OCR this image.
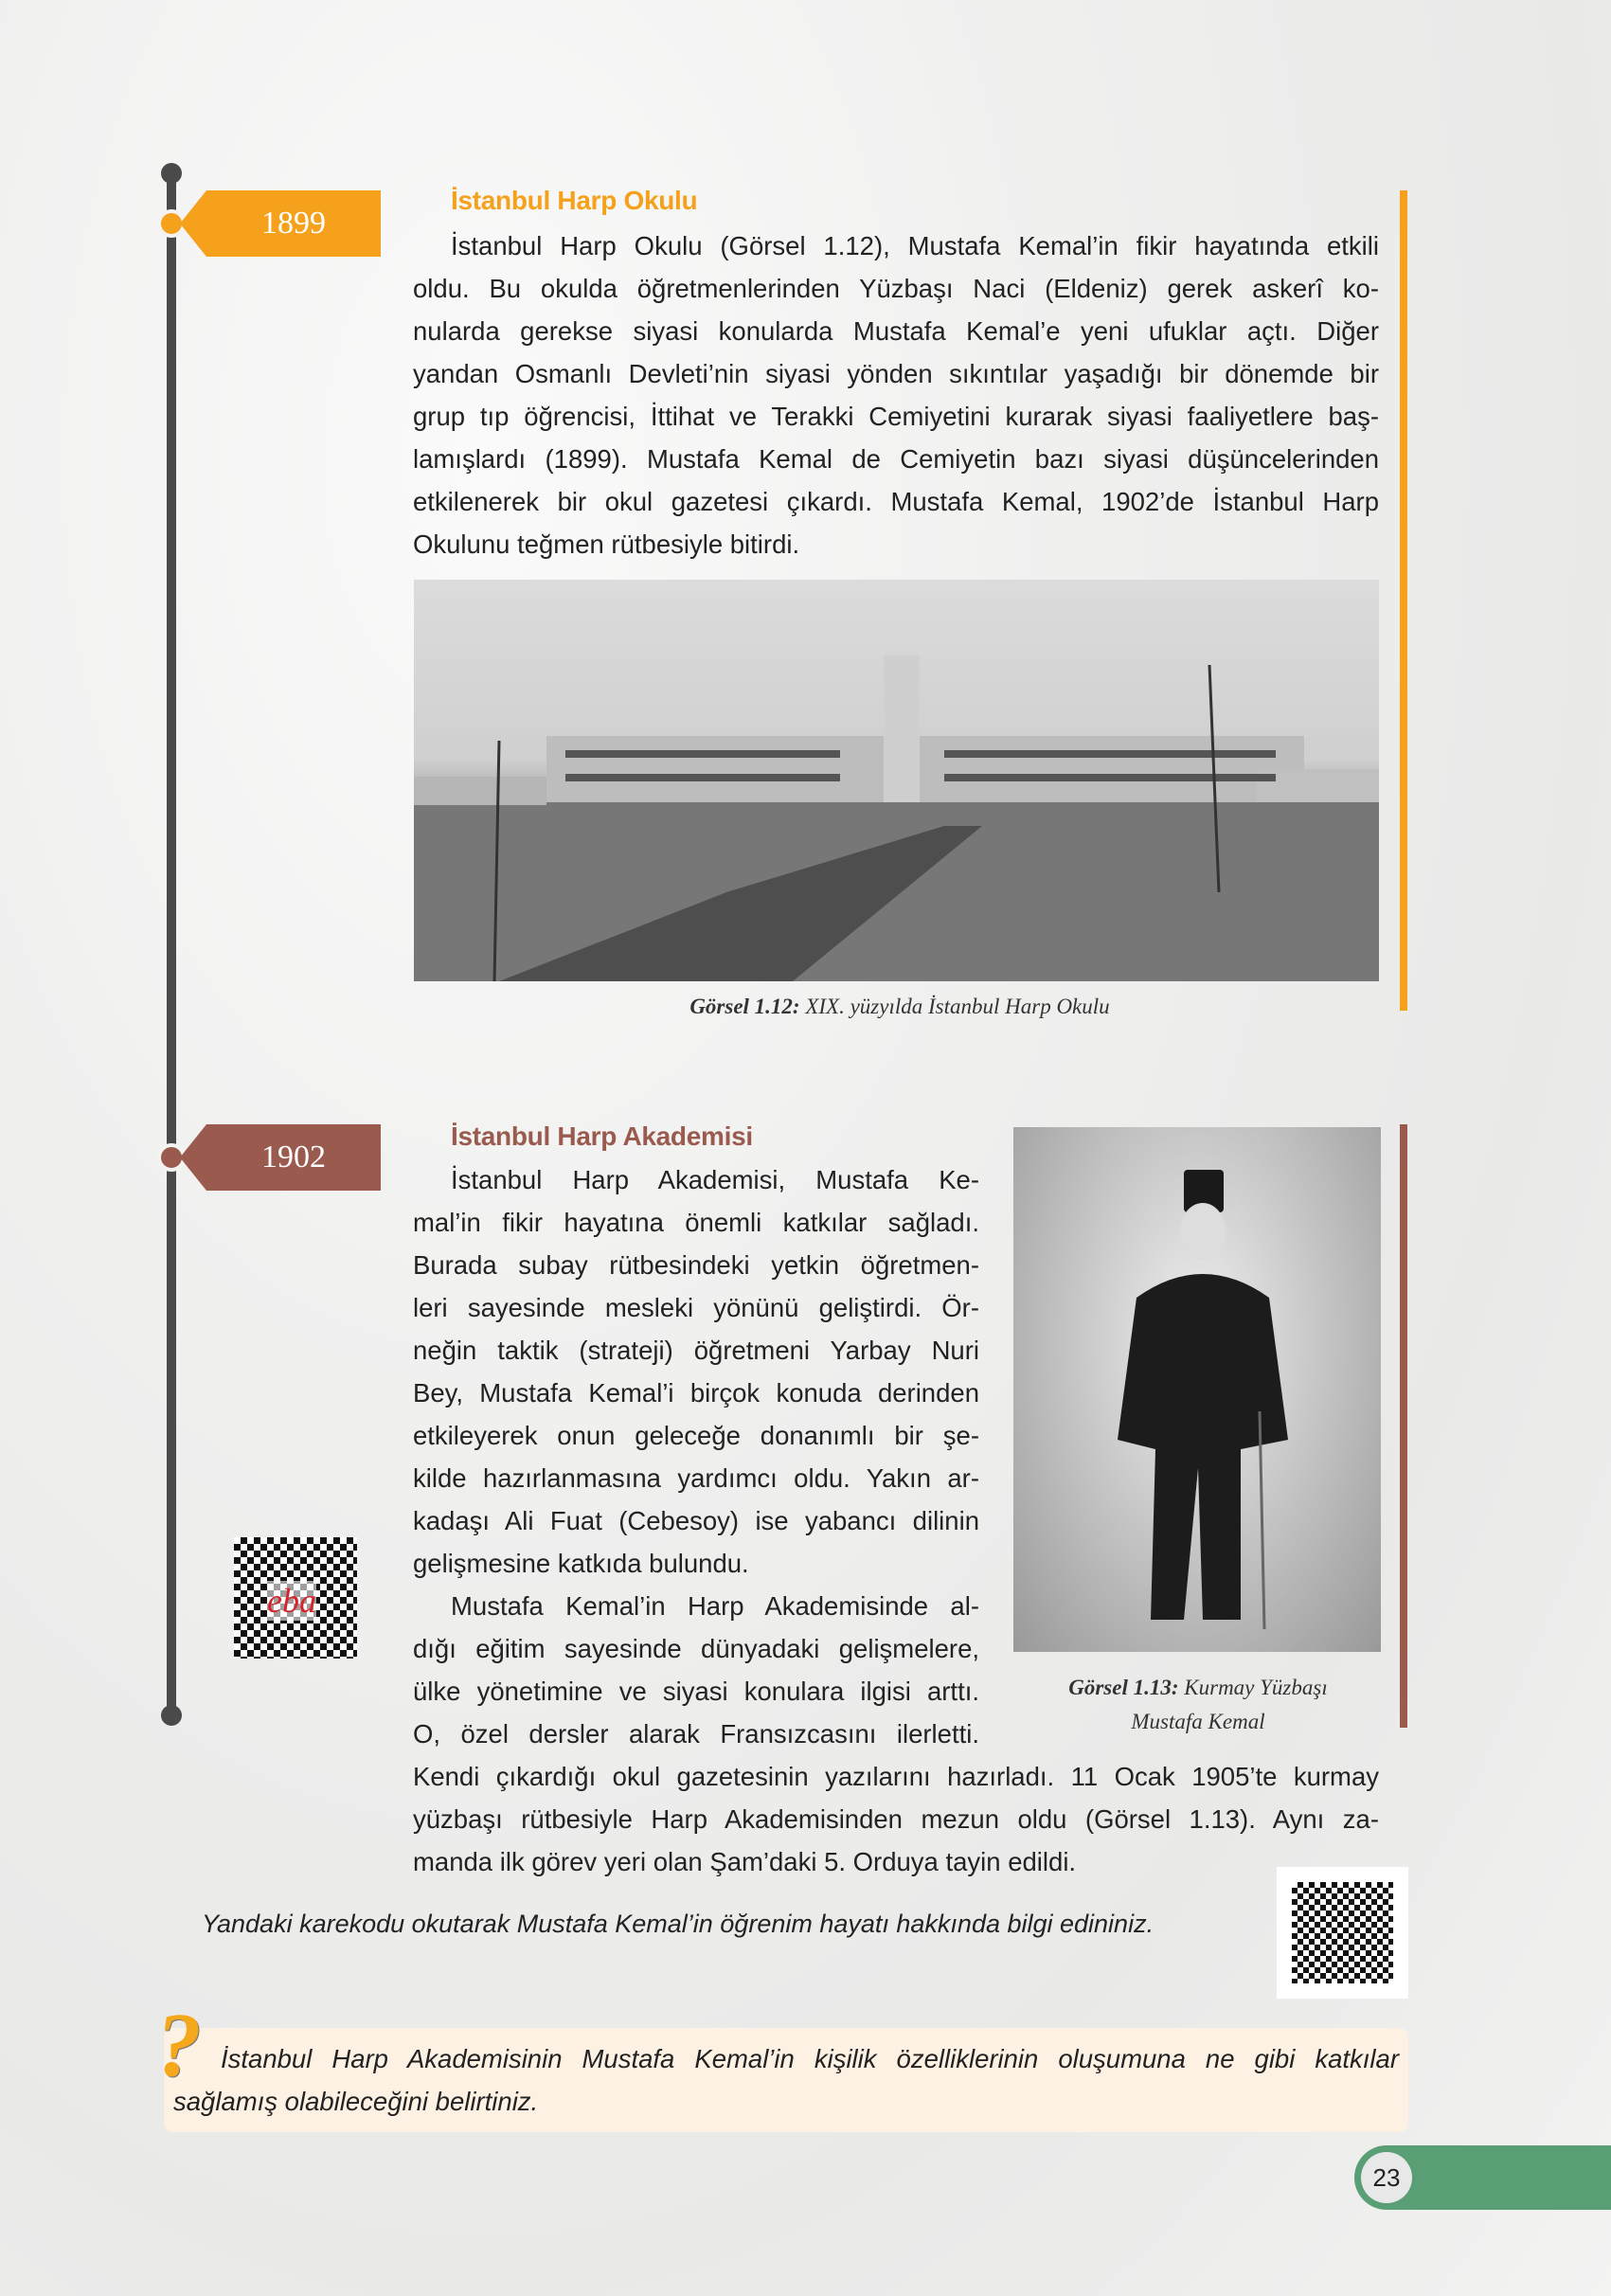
1899
İstanbul Harp Okulu
İstanbul Harp Okulu (Görsel 1.12), Mustafa Kemal’in fikir hayatında etkili
oldu. Bu okulda öğretmenlerinden Yüzbaşı Naci (Eldeniz) gerek askerî ko-
nularda gerekse siyasi konularda Mustafa Kemal’e yeni ufuklar açtı. Diğer
yandan Osmanlı Devleti’nin siyasi yönden sıkıntılar yaşadığı bir dönemde bir
grup tıp öğrencisi, İttihat ve Terakki Cemiyetini kurarak siyasi faaliyetlere baş-
lamışlardı (1899). Mustafa Kemal de Cemiyetin bazı siyasi düşüncelerinden
etkilenerek bir okul gazetesi çıkardı. Mustafa Kemal, 1902’de İstanbul Harp
Okulunu teğmen rütbesiyle bitirdi.
Görsel 1.12: XIX. yüzyılda İstanbul Harp Okulu
1902
İstanbul Harp Akademisi
İstanbul Harp Akademisi, Mustafa Ke-
mal’in fikir hayatına önemli katkılar sağladı.
Burada subay rütbesindeki yetkin öğretmen-
leri sayesinde mesleki yönünü geliştirdi. Ör-
neğin taktik (strateji) öğretmeni Yarbay Nuri
Bey, Mustafa Kemal’i birçok konuda derinden
etkileyerek onun geleceğe donanımlı bir şe-
kilde hazırlanmasına yardımcı oldu. Yakın ar-
kadaşı Ali Fuat (Cebesoy) ise yabancı dilinin
gelişmesine katkıda bulundu.
Mustafa Kemal’in Harp Akademisinde al-
dığı eğitim sayesinde dünyadaki gelişmelere,
ülke yönetimine ve siyasi konulara ilgisi arttı.
O, özel dersler alarak Fransızcasını ilerletti.
Kendi çıkardığı okul gazetesinin yazılarını hazırladı. 11 Ocak 1905’te kurmay
yüzbaşı rütbesiyle Harp Akademisinden mezun oldu (Görsel 1.13). Aynı za-
manda ilk görev yeri olan Şam’daki 5. Orduya tayin edildi.
Görsel 1.13: Kurmay Yüzbaşı
Mustafa Kemal
eba
Yandaki karekodu okutarak Mustafa Kemal’in öğrenim hayatı hakkında bilgi edininiz.
? İstanbul Harp Akademisinin Mustafa Kemal’in kişilik özelliklerinin oluşumuna ne gibi katkılar
sağlamış olabileceğini belirtiniz.
23
